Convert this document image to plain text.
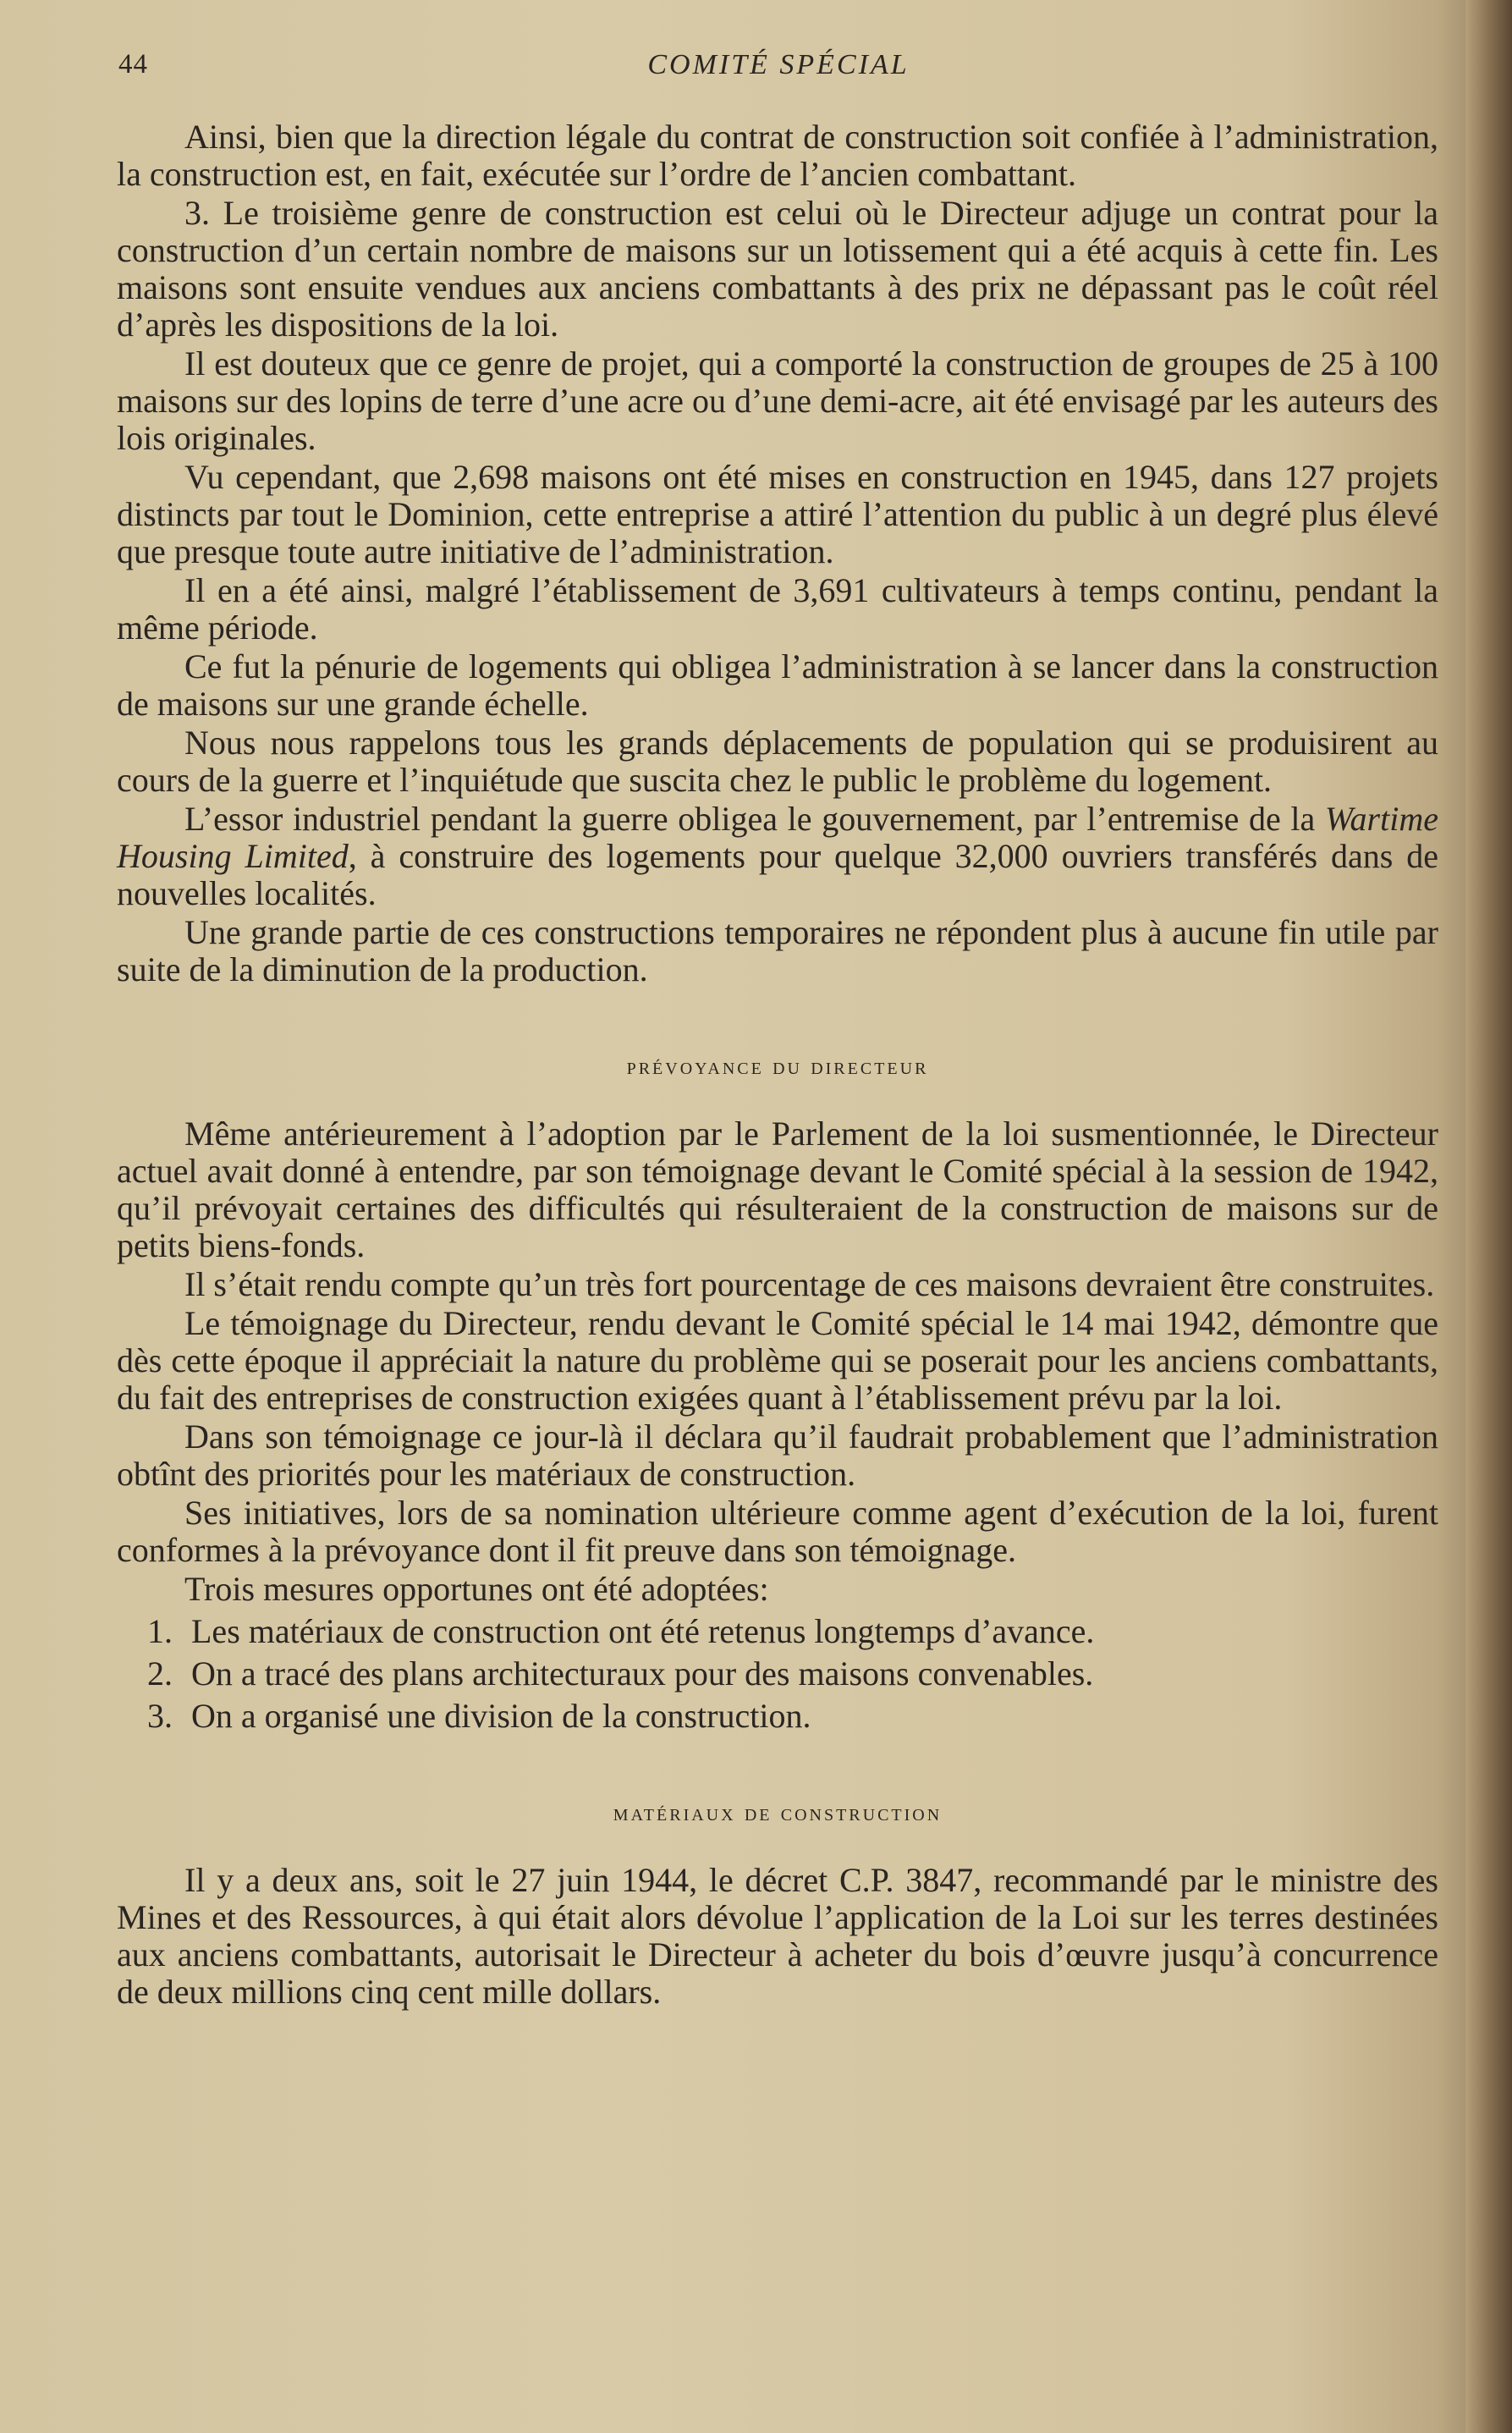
44	COMITÉ SPÉCIAL

Ainsi, bien que la direction légale du contrat de construction soit confiée à l’administration, la construction est, en fait, exécutée sur l’ordre de l’ancien combattant.

3. Le troisième genre de construction est celui où le Directeur adjuge un contrat pour la construction d’un certain nombre de maisons sur un lotissement qui a été acquis à cette fin. Les maisons sont ensuite vendues aux anciens combattants à des prix ne dépassant pas le coût réel d’après les dispositions de la loi.

Il est douteux que ce genre de projet, qui a comporté la construction de groupes de 25 à 100 maisons sur des lopins de terre d’une acre ou d’une demi-acre, ait été envisagé par les auteurs des lois originales.

Vu cependant, que 2,698 maisons ont été mises en construction en 1945, dans 127 projets distincts par tout le Dominion, cette entreprise a attiré l’attention du public à un degré plus élevé que presque toute autre initiative de l’administration.

Il en a été ainsi, malgré l’établissement de 3,691 cultivateurs à temps continu, pendant la même période.

Ce fut la pénurie de logements qui obligea l’administration à se lancer dans la construction de maisons sur une grande échelle.

Nous nous rappelons tous les grands déplacements de population qui se produisirent au cours de la guerre et l’inquiétude que suscita chez le public le problème du logement.

L’essor industriel pendant la guerre obligea le gouvernement, par l’entremise de la Wartime Housing Limited, à construire des logements pour quelque 32,000 ouvriers transférés dans de nouvelles localités.

Une grande partie de ces constructions temporaires ne répondent plus à aucune fin utile par suite de la diminution de la production.

prévoyance du directeur

Même antérieurement à l’adoption par le Parlement de la loi susmentionnée, le Directeur actuel avait donné à entendre, par son témoignage devant le Comité spécial à la session de 1942, qu’il prévoyait certaines des difficultés qui résulteraient de la construction de maisons sur de petits biens-fonds.

Il s’était rendu compte qu’un très fort pourcentage de ces maisons devraient être construites.

Le témoignage du Directeur, rendu devant le Comité spécial le 14 mai 1942, démontre que dès cette époque il appréciait la nature du problème qui se poserait pour les anciens combattants, du fait des entreprises de construction exigées quant à l’établissement prévu par la loi.

Dans son témoignage ce jour-là il déclara qu’il faudrait probablement que l’administration obtînt des priorités pour les matériaux de construction.

Ses initiatives, lors de sa nomination ultérieure comme agent d’exécution de la loi, furent conformes à la prévoyance dont il fit preuve dans son témoignage.

Trois mesures opportunes ont été adoptées:

1. Les matériaux de construction ont été retenus longtemps d’avance.
2. On a tracé des plans architecturaux pour des maisons convenables.
3. On a organisé une division de la construction.
matériaux de construction

Il y a deux ans, soit le 27 juin 1944, le décret C.P. 3847, recommandé par le ministre des Mines et des Ressources, à qui était alors dévolue l’application de la Loi sur les terres destinées aux anciens combattants, autorisait le Directeur à acheter du bois d’œuvre jusqu’à concurrence de deux millions cinq cent mille dollars.
